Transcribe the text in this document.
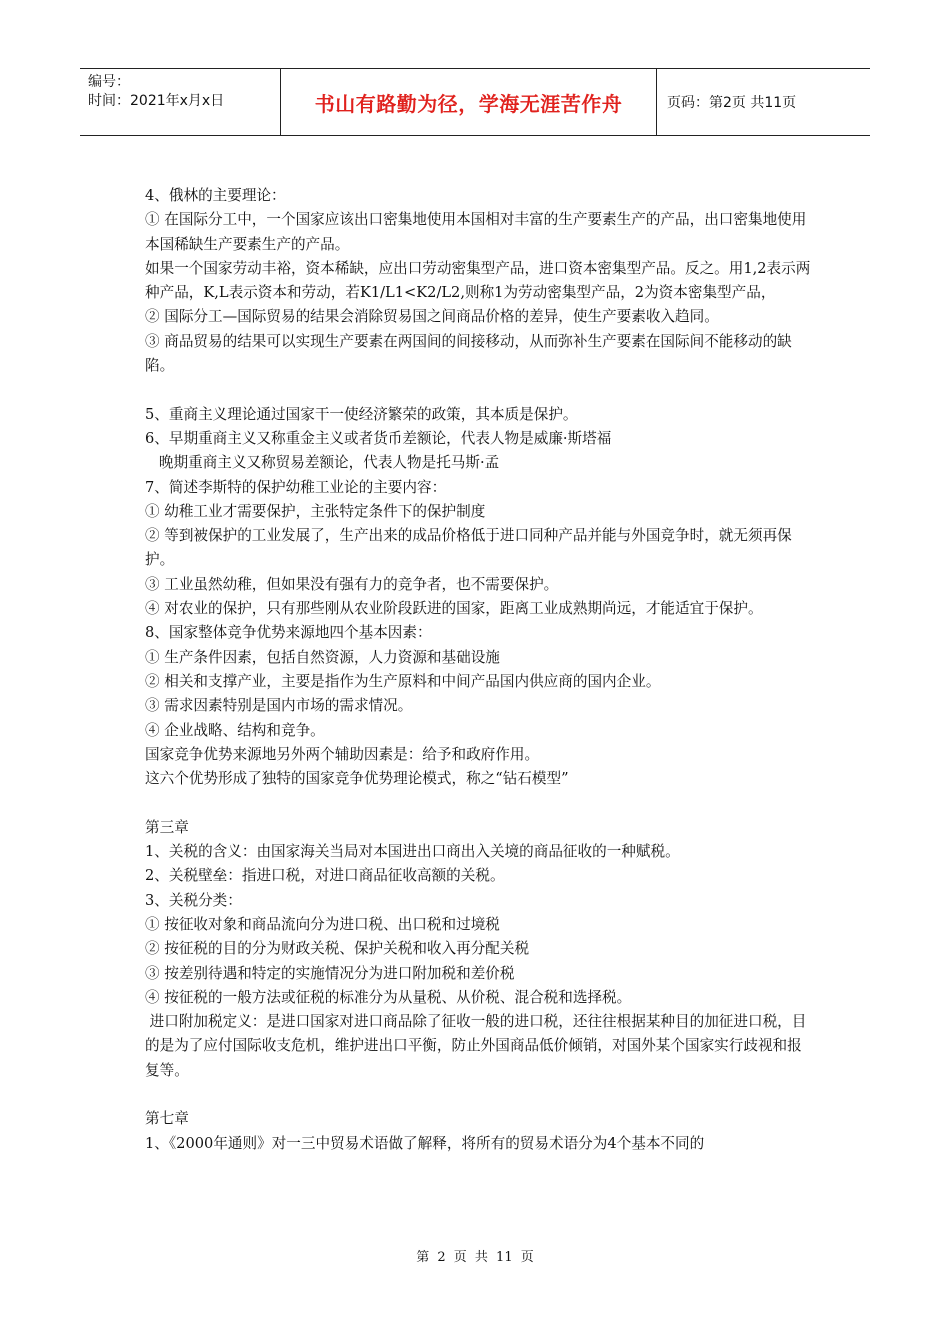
编号：
时间：2021年x月x日	书山有路勤为径，学海无涯苦作舟	页码：第2页 共11页

4、俄林的主要理论：

① 在国际分工中，一个国家应该出口密集地使用本国相对丰富的生产要素生产的产品，出口密集地使用本国稀缺生产要素生产的产品。

如果一个国家劳动丰裕，资本稀缺，应出口劳动密集型产品，进口资本密集型产品。反之。用1,2表示两种产品，K,L表示资本和劳动，若K1/L1<K2/L2,则称1为劳动密集型产品，2为资本密集型产品，

② 国际分工—国际贸易的结果会消除贸易国之间商品价格的差异，使生产要素收入趋同。

③ 商品贸易的结果可以实现生产要素在两国间的间接移动，从而弥补生产要素在国际间不能移动的缺陷。

5、重商主义理论通过国家干一使经济繁荣的政策，其本质是保护。

6、早期重商主义又称重金主义或者货币差额论，代表人物是威廉·斯塔福

晚期重商主义又称贸易差额论，代表人物是托马斯·孟

7、简述李斯特的保护幼稚工业论的主要内容：

① 幼稚工业才需要保护，主张特定条件下的保护制度

② 等到被保护的工业发展了，生产出来的成品价格低于进口同种产品并能与外国竞争时，就无须再保护。

③ 工业虽然幼稚，但如果没有强有力的竞争者，也不需要保护。

④ 对农业的保护，只有那些刚从农业阶段跃进的国家，距离工业成熟期尚远，才能适宜于保护。

8、国家整体竞争优势来源地四个基本因素：

① 生产条件因素，包括自然资源，人力资源和基础设施

② 相关和支撑产业，主要是指作为生产原料和中间产品国内供应商的国内企业。

③ 需求因素特别是国内市场的需求情况。

④ 企业战略、结构和竞争。

国家竞争优势来源地另外两个辅助因素是：给予和政府作用。

这六个优势形成了独特的国家竞争优势理论模式，称之“钻石模型”

第三章

1、关税的含义：由国家海关当局对本国进出口商出入关境的商品征收的一种赋税。

2、关税壁垒：指进口税，对进口商品征收高额的关税。

3、关税分类：

① 按征收对象和商品流向分为进口税、出口税和过境税

② 按征税的目的分为财政关税、保护关税和收入再分配关税

③ 按差别待遇和特定的实施情况分为进口附加税和差价税

④ 按征税的一般方法或征税的标准分为从量税、从价税、混合税和选择税。

进口附加税定义：是进口国家对进口商品除了征收一般的进口税，还往往根据某种目的加征进口税，目的是为了应付国际收支危机，维护进出口平衡，防止外国商品低价倾销，对国外某个国家实行歧视和报复等。

第七章

1、《2000年通则》对一三中贸易术语做了解释，将所有的贸易术语分为4个基本不同的

第 2 页 共 11 页
